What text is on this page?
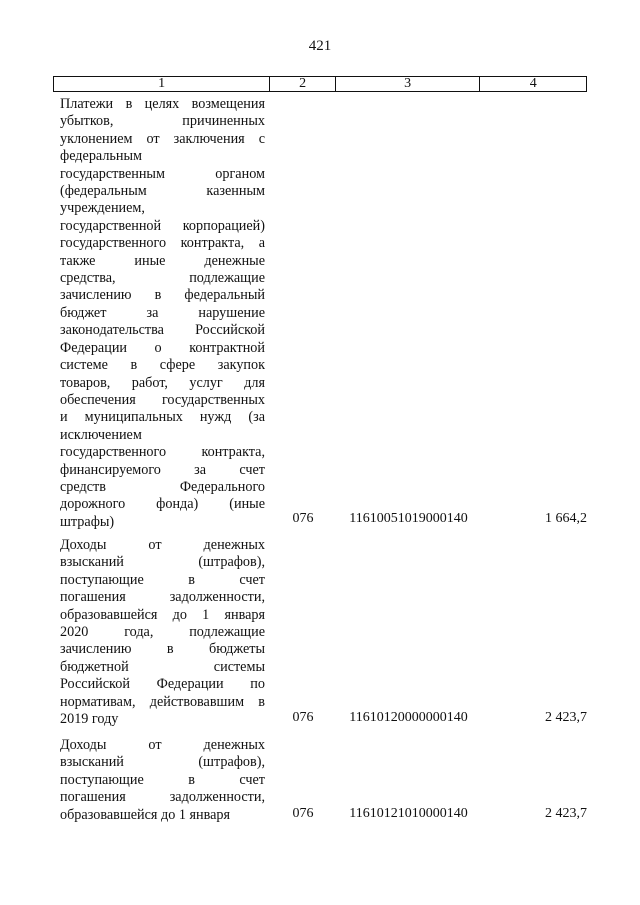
421
1	2	3	4
Платежи в целях возмещения
убытков, причиненных
уклонением от заключения с
федеральным
государственным органом
(федеральным казенным
учреждением,
государственной корпорацией)
государственного контракта, а
также иные денежные
средства, подлежащие
зачислению в федеральный
бюджет за нарушение
законодательства Российской
Федерации о контрактной
системе в сфере закупок
товаров, работ, услуг для
обеспечения государственных
и муниципальных нужд (за
исключением
государственного контракта,
финансируемого за счет
средств Федерального
дорожного фонда) (иные
штрафы)	076	11610051019000140	1 664,2
Доходы от денежных
взысканий (штрафов),
поступающие в счет
погашения задолженности,
образовавшейся до 1 января
2020 года, подлежащие
зачислению в бюджеты
бюджетной системы
Российской Федерации по
нормативам, действовавшим в
2019 году	076	11610120000000140	2 423,7
Доходы от денежных
взысканий (штрафов),
поступающие в счет
погашения задолженности,
образовавшейся до 1 января	076	11610121010000140	2 423,7
